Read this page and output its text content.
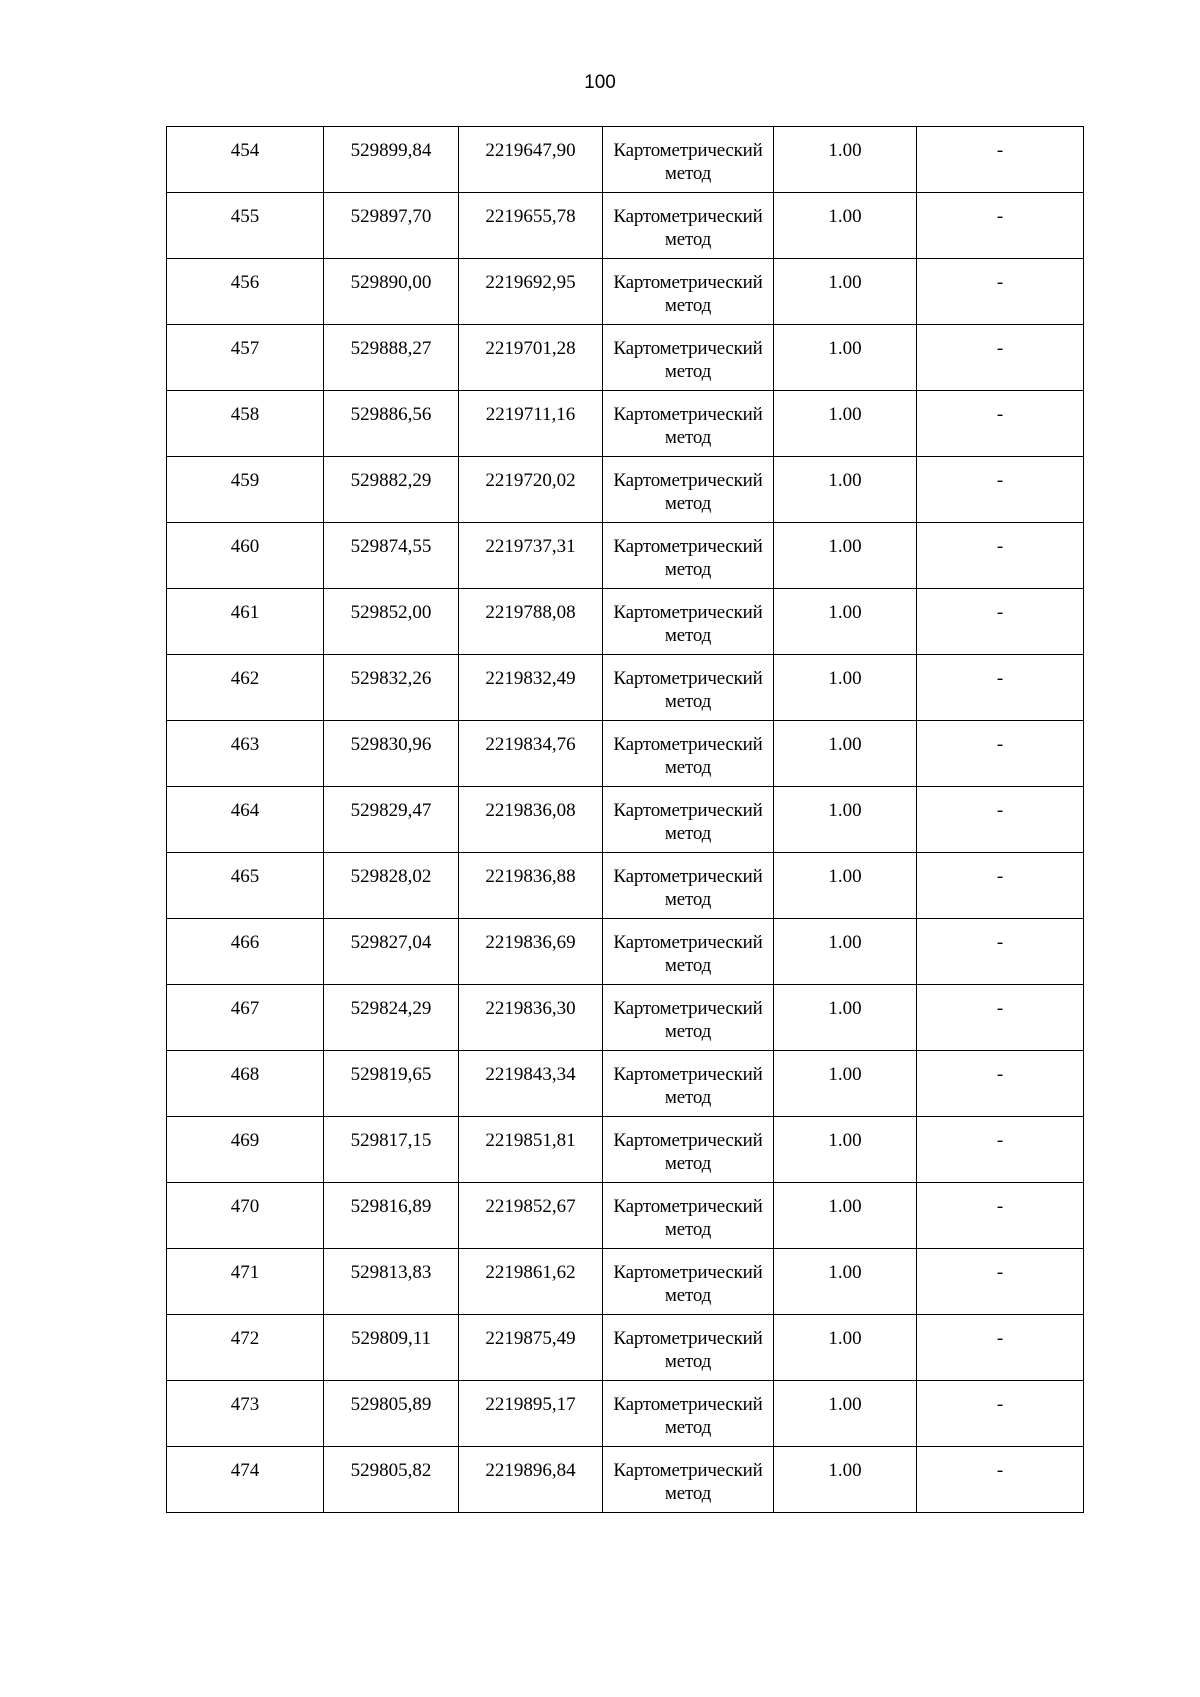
100
454	529899,84	2219647,90	Картометрический метод	1.00	-
455	529897,70	2219655,78	Картометрический метод	1.00	-
456	529890,00	2219692,95	Картометрический метод	1.00	-
457	529888,27	2219701,28	Картометрический метод	1.00	-
458	529886,56	2219711,16	Картометрический метод	1.00	-
459	529882,29	2219720,02	Картометрический метод	1.00	-
460	529874,55	2219737,31	Картометрический метод	1.00	-
461	529852,00	2219788,08	Картометрический метод	1.00	-
462	529832,26	2219832,49	Картометрический метод	1.00	-
463	529830,96	2219834,76	Картометрический метод	1.00	-
464	529829,47	2219836,08	Картометрический метод	1.00	-
465	529828,02	2219836,88	Картометрический метод	1.00	-
466	529827,04	2219836,69	Картометрический метод	1.00	-
467	529824,29	2219836,30	Картометрический метод	1.00	-
468	529819,65	2219843,34	Картометрический метод	1.00	-
469	529817,15	2219851,81	Картометрический метод	1.00	-
470	529816,89	2219852,67	Картометрический метод	1.00	-
471	529813,83	2219861,62	Картометрический метод	1.00	-
472	529809,11	2219875,49	Картометрический метод	1.00	-
473	529805,89	2219895,17	Картометрический метод	1.00	-
474	529805,82	2219896,84	Картометрический метод	1.00	-
